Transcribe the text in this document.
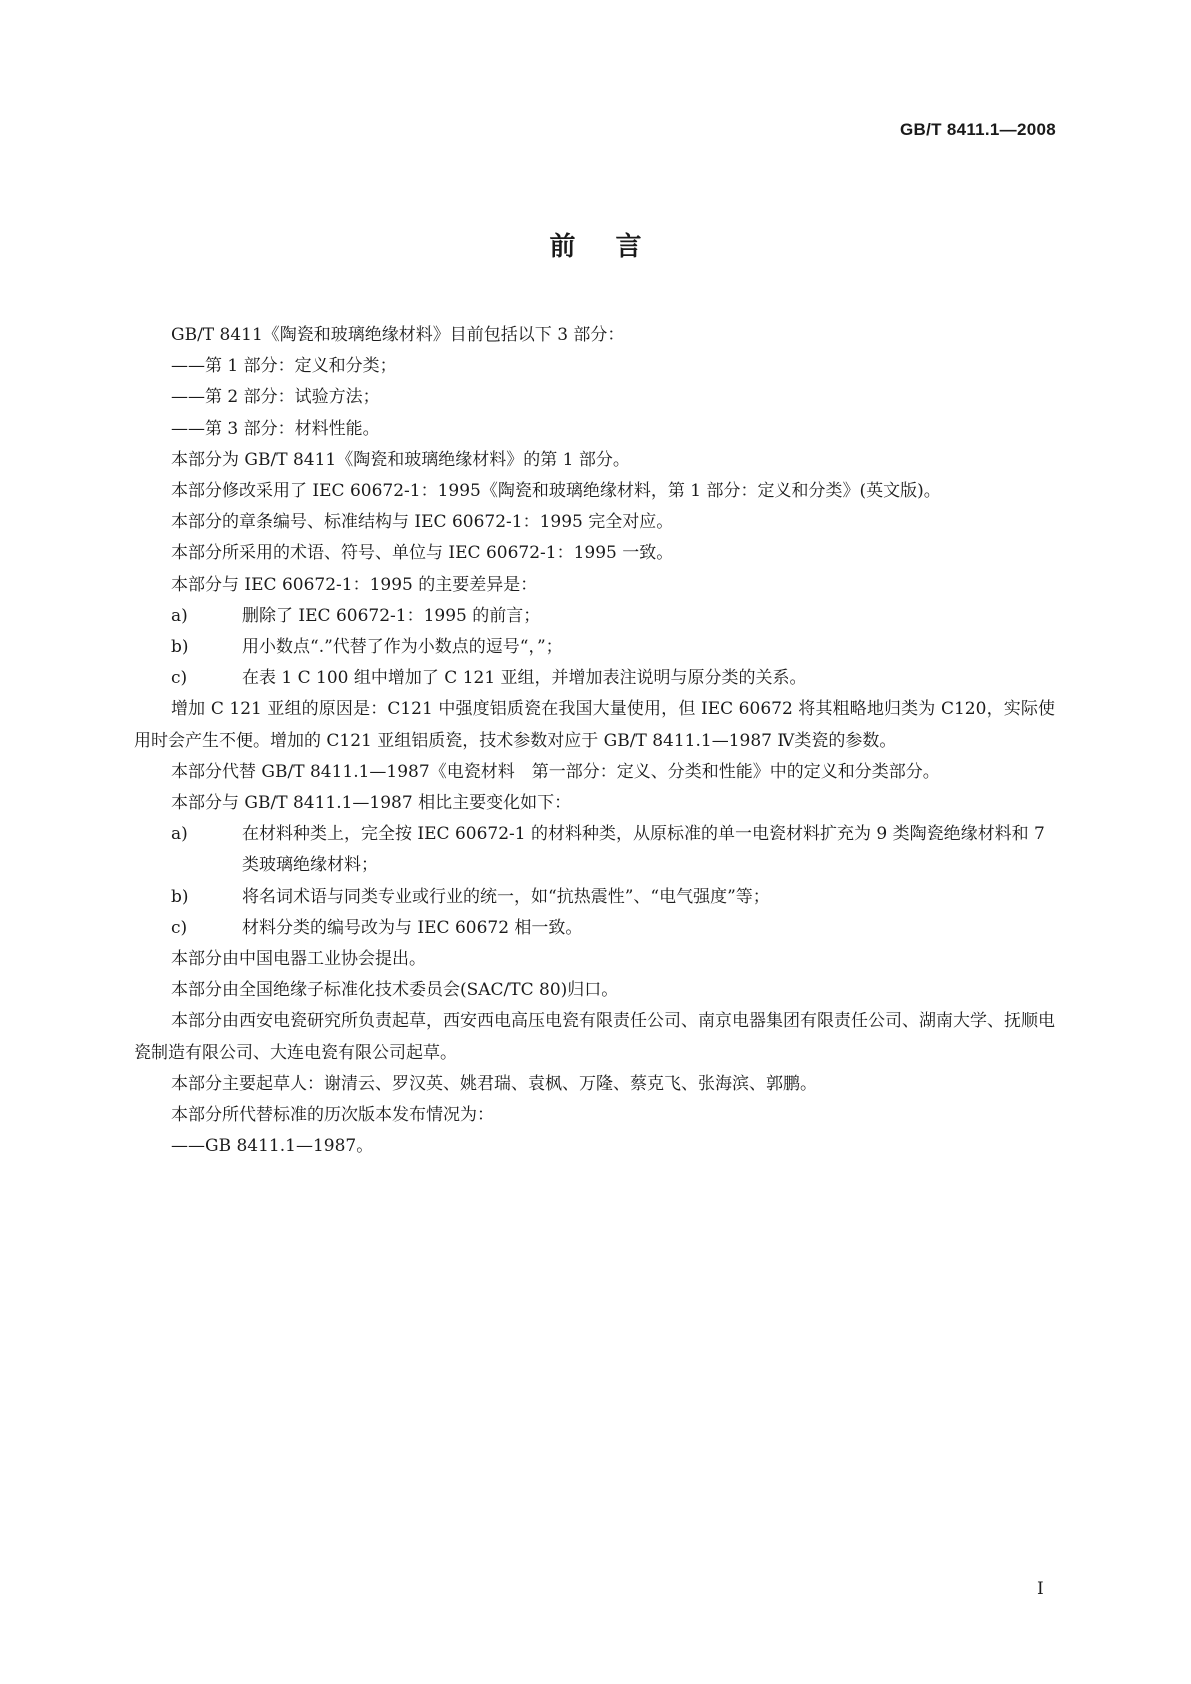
GB/T 8411.1—2008
前言
GB/T 8411《陶瓷和玻璃绝缘材料》目前包括以下 3 部分：
——第 1 部分：定义和分类；
——第 2 部分：试验方法；
——第 3 部分：材料性能。
本部分为 GB/T 8411《陶瓷和玻璃绝缘材料》的第 1 部分。
本部分修改采用了 IEC 60672-1：1995《陶瓷和玻璃绝缘材料，第 1 部分：定义和分类》(英文版)。
本部分的章条编号、标准结构与 IEC 60672-1：1995 完全对应。
本部分所采用的术语、符号、单位与 IEC 60672-1：1995 一致。
本部分与 IEC 60672-1：1995 的主要差异是：
a)	删除了 IEC 60672-1：1995 的前言；
b)	用小数点“.”代替了作为小数点的逗号“，”；
c)	在表 1 C 100 组中增加了 C 121 亚组，并增加表注说明与原分类的关系。
增加 C 121 亚组的原因是：C121 中强度铝质瓷在我国大量使用，但 IEC 60672 将其粗略地归类为 C120，实际使用时会产生不便。增加的 C121 亚组铝质瓷，技术参数对应于 GB/T 8411.1—1987 Ⅳ类瓷的参数。
本部分代替 GB/T 8411.1—1987《电瓷材料　第一部分：定义、分类和性能》中的定义和分类部分。
本部分与 GB/T 8411.1—1987 相比主要变化如下：
a)	在材料种类上，完全按 IEC 60672-1 的材料种类，从原标准的单一电瓷材料扩充为 9 类陶瓷绝缘材料和 7 类玻璃绝缘材料；
b)	将名词术语与同类专业或行业的统一，如“抗热震性”、“电气强度”等；
c)	材料分类的编号改为与 IEC 60672 相一致。
本部分由中国电器工业协会提出。
本部分由全国绝缘子标准化技术委员会(SAC/TC 80)归口。
本部分由西安电瓷研究所负责起草，西安西电高压电瓷有限责任公司、南京电器集团有限责任公司、湖南大学、抚顺电瓷制造有限公司、大连电瓷有限公司起草。
本部分主要起草人：谢清云、罗汉英、姚君瑞、袁枫、万隆、蔡克飞、张海滨、郭鹏。
本部分所代替标准的历次版本发布情况为：
——GB 8411.1—1987。
I
